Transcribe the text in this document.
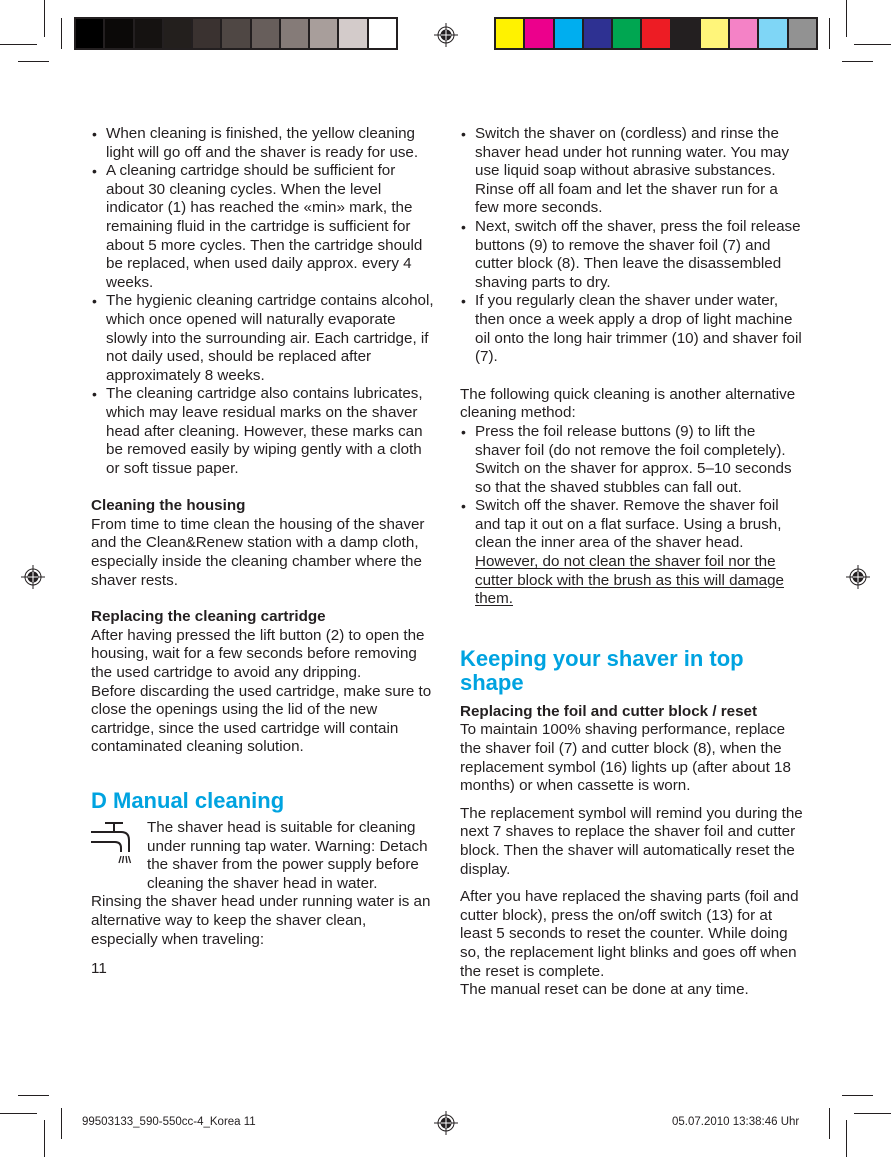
• When cleaning is finished, the yellow cleaning light will go off and the shaver is ready for use.
• A cleaning cartridge should be sufficient for about 30 cleaning cycles. When the level indicator (1) has reached the «min» mark, the remaining fluid in the cartridge is sufficient for about 5 more cycles. Then the cartridge should be replaced, when used daily approx. every 4 weeks.
• The hygienic cleaning cartridge contains alcohol, which once opened will naturally evaporate slowly into the surrounding air. Each cartridge, if not daily used, should be replaced after approximately 8 weeks.
• The cleaning cartridge also contains lubricates, which may leave residual marks on the shaver head after cleaning. However, these marks can be removed easily by wiping gently with a cloth or soft tissue paper.

Cleaning the housing

From time to time clean the housing of the shaver and the Clean&Renew station with a damp cloth, especially inside the cleaning chamber where the shaver rests.

Replacing the cleaning cartridge

After having pressed the lift button (2) to open the housing, wait for a few seconds before removing the used cartridge to avoid any dripping.

Before discarding the used cartridge, make sure to close the openings using the lid of the new cartridge, since the used cartridge will contain contaminated cleaning solution.

D Manual cleaning

The shaver head is suitable for cleaning under running tap water. Warning: Detach the shaver from the power supply before cleaning the shaver head in water.

Rinsing the shaver head under running water is an alternative way to keep the shaver clean, especially when traveling:

11

• Switch the shaver on (cordless) and rinse the shaver head under hot running water. You may use liquid soap without abrasive substances. Rinse off all foam and let the shaver run for a few more seconds.
• Next, switch off the shaver, press the foil release buttons (9) to remove the shaver foil (7) and cutter block (8). Then leave the disassembled shaving parts to dry.
• If you regularly clean the shaver under water, then once a week apply a drop of light machine oil onto the long hair trimmer (10) and shaver foil (7).

The following quick cleaning is another alternative cleaning method:

• Press the foil release buttons (9) to lift the shaver foil (do not remove the foil completely). Switch on the shaver for approx. 5–10 seconds so that the shaved stubbles can fall out.
• Switch off the shaver. Remove the shaver foil and tap it out on a flat surface. Using a brush, clean the inner area of the shaver head. However, do not clean the shaver foil nor the cutter block with the brush as this will damage them.

Keeping your shaver in top shape

Replacing the foil and cutter block / reset

To maintain 100% shaving performance, replace the shaver foil (7) and cutter block (8), when the replacement symbol (16) lights up (after about 18 months) or when cassette is worn.

The replacement symbol will remind you during the next 7 shaves to replace the shaver foil and cutter block. Then the shaver will automatically reset the display.

After you have replaced the shaving parts (foil and cutter block), press the on/off switch (13) for at least 5 seconds to reset the counter. While doing so, the replacement light blinks and goes off when the reset is complete.

The manual reset can be done at any time.

99503133_590-550cc-4_Korea 11	05.07.2010 13:38:46 Uhr
